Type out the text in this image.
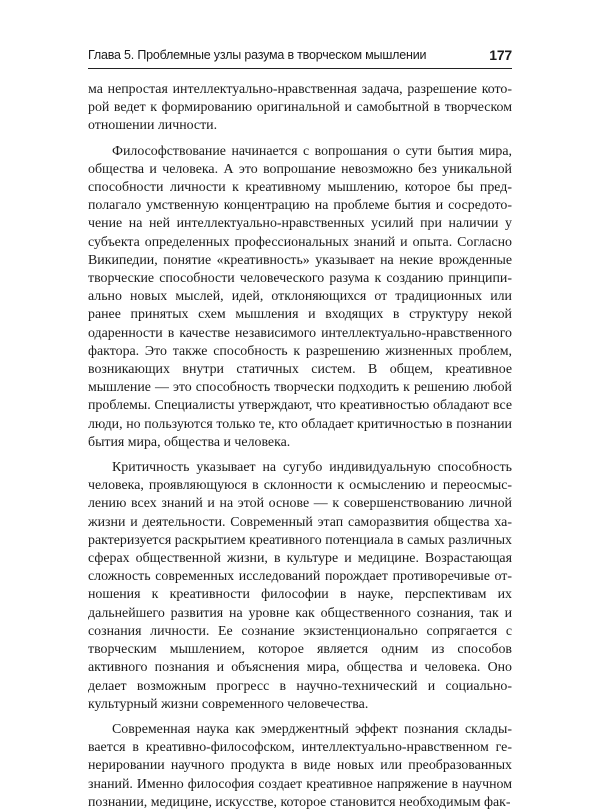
Глава 5. Проблемные узлы разума в творческом мышлении	177

ма непростая интеллектуально-нравственная задача, разрешение которой ведет к формированию оригинальной и самобытной в творческом отношении личности.

Философствование начинается с вопрошания о сути бытия мира, общества и человека. А это вопрошание невозможно без уникальной способности личности к креативному мышлению, которое бы предполагало умственную концентрацию на проблеме бытия и сосредоточение на ней интеллектуально-нравственных усилий при наличии у субъекта определенных профессиональных знаний и опыта. Согласно Википедии, понятие «креативность» указывает на некие врожденные творческие способности человеческого разума к созданию принципиально новых мыслей, идей, отклоняющихся от традиционных или ранее принятых схем мышления и входящих в структуру некой одаренности в качестве независимого интеллектуально-нравственного фактора. Это также способность к разрешению жизненных проблем, возникающих внутри статичных систем. В общем, креативное мышление — это способность творчески подходить к решению любой проблемы. Специалисты утверждают, что креативностью обладают все люди, но пользуются только те, кто обладает критичностью в познании бытия мира, общества и человека.

Критичность указывает на сугубо индивидуальную способность человека, проявляющуюся в склонности к осмыслению и переосмыслению всех знаний и на этой основе — к совершенствованию личной жизни и деятельности. Современный этап саморазвития общества характеризуется раскрытием креативного потенциала в самых различных сферах общественной жизни, в культуре и медицине. Возрастающая сложность современных исследований порождает противоречивые отношения к креативности философии в науке, перспективам их дальнейшего развития на уровне как общественного сознания, так и сознания личности. Ее сознание экзистенционально сопрягается с творческим мышлением, которое является одним из способов активного познания и объяснения мира, общества и человека. Оно делает возможным прогресс в научно-технический и социально-культурный жизни современного человечества.

Современная наука как эмерджентный эффект познания складывается в креативно-философском, интеллектуально-нравственном генерировании научного продукта в виде новых или преобразованных знаний. Именно философия создает креативное напряжение в научном познании, медицине, искусстве, которое становится необходимым фак-
